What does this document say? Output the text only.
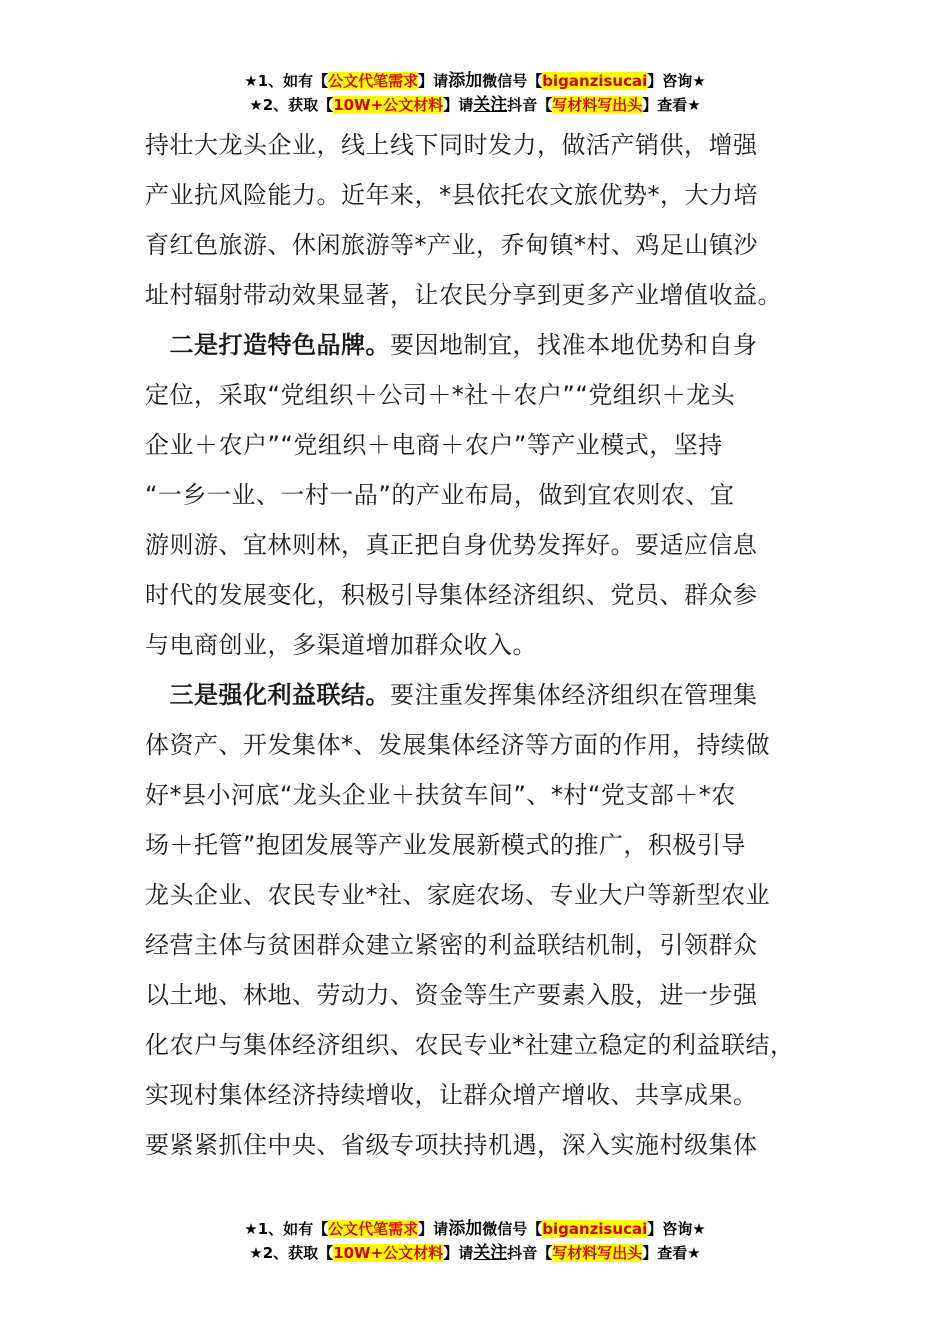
★1、如有【公文代笔需求】请添加微信号【biganzisucai】咨询★
★2、获取【10W+公文材料】请关注抖音【写材料写出头】查看★
持壮大龙头企业，线上线下同时发力，做活产销供，增强
产业抗风险能力。近年来，*县依托农文旅优势*，大力培
育红色旅游、休闲旅游等*产业，乔甸镇*村、鸡足山镇沙
址村辐射带动效果显著，让农民分享到更多产业增值收益。
　二是打造特色品牌。要因地制宜，找准本地优势和自身
定位，采取“党组织＋公司＋*社＋农户”“党组织＋龙头
企业＋农户”“党组织＋电商＋农户”等产业模式，坚持
“一乡一业、一村一品”的产业布局，做到宜农则农、宜
游则游、宜林则林，真正把自身优势发挥好。要适应信息
时代的发展变化，积极引导集体经济组织、党员、群众参
与电商创业，多渠道增加群众收入。
　三是强化利益联结。要注重发挥集体经济组织在管理集
体资产、开发集体*、发展集体经济等方面的作用，持续做
好*县小河底“龙头企业＋扶贫车间”、*村“党支部＋*农
场＋托管”抱团发展等产业发展新模式的推广，积极引导
龙头企业、农民专业*社、家庭农场、专业大户等新型农业
经营主体与贫困群众建立紧密的利益联结机制，引领群众
以土地、林地、劳动力、资金等生产要素入股，进一步强
化农户与集体经济组织、农民专业*社建立稳定的利益联结，
实现村集体经济持续增收，让群众增产增收、共享成果。
要紧紧抓住中央、省级专项扶持机遇，深入实施村级集体
★1、如有【公文代笔需求】请添加微信号【biganzisucai】咨询★
★2、获取【10W+公文材料】请关注抖音【写材料写出头】查看★
